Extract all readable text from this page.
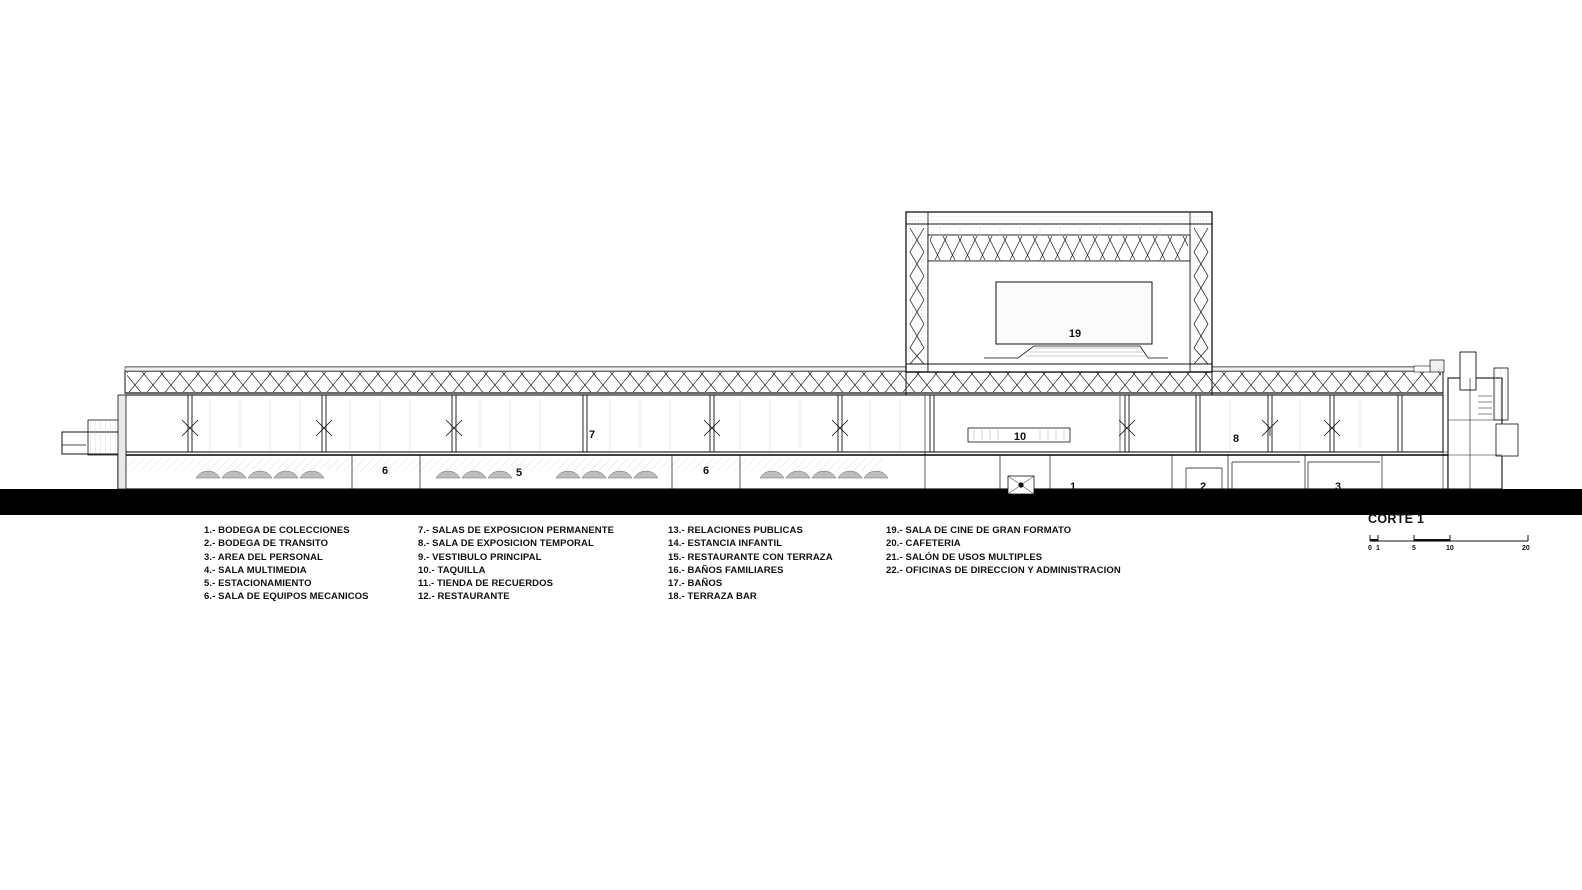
19
7	10	8
6	5	6
1	2	3
1.- BODEGA DE COLECCIONES
2.- BODEGA DE TRANSITO
3.- AREA DEL PERSONAL
4.- SALA MULTIMEDIA
5.- ESTACIONAMIENTO
6.- SALA DE EQUIPOS MECANICOS
7.- SALAS DE EXPOSICION PERMANENTE
8.- SALA DE EXPOSICION TEMPORAL
9.- VESTIBULO PRINCIPAL
10.- TAQUILLA
11.- TIENDA DE RECUERDOS
12.- RESTAURANTE
13.- RELACIONES PUBLICAS
14.- ESTANCIA INFANTIL
15.- RESTAURANTE CON TERRAZA
16.- BAÑOS FAMILIARES
17.- BAÑOS
18.- TERRAZA BAR
19.- SALA DE CINE DE GRAN FORMATO
20.- CAFETERIA
21.- SALÓN DE USOS MULTIPLES
22.- OFICINAS DE DIRECCION Y ADMINISTRACION
CORTE 1
0 1	5	10	20
